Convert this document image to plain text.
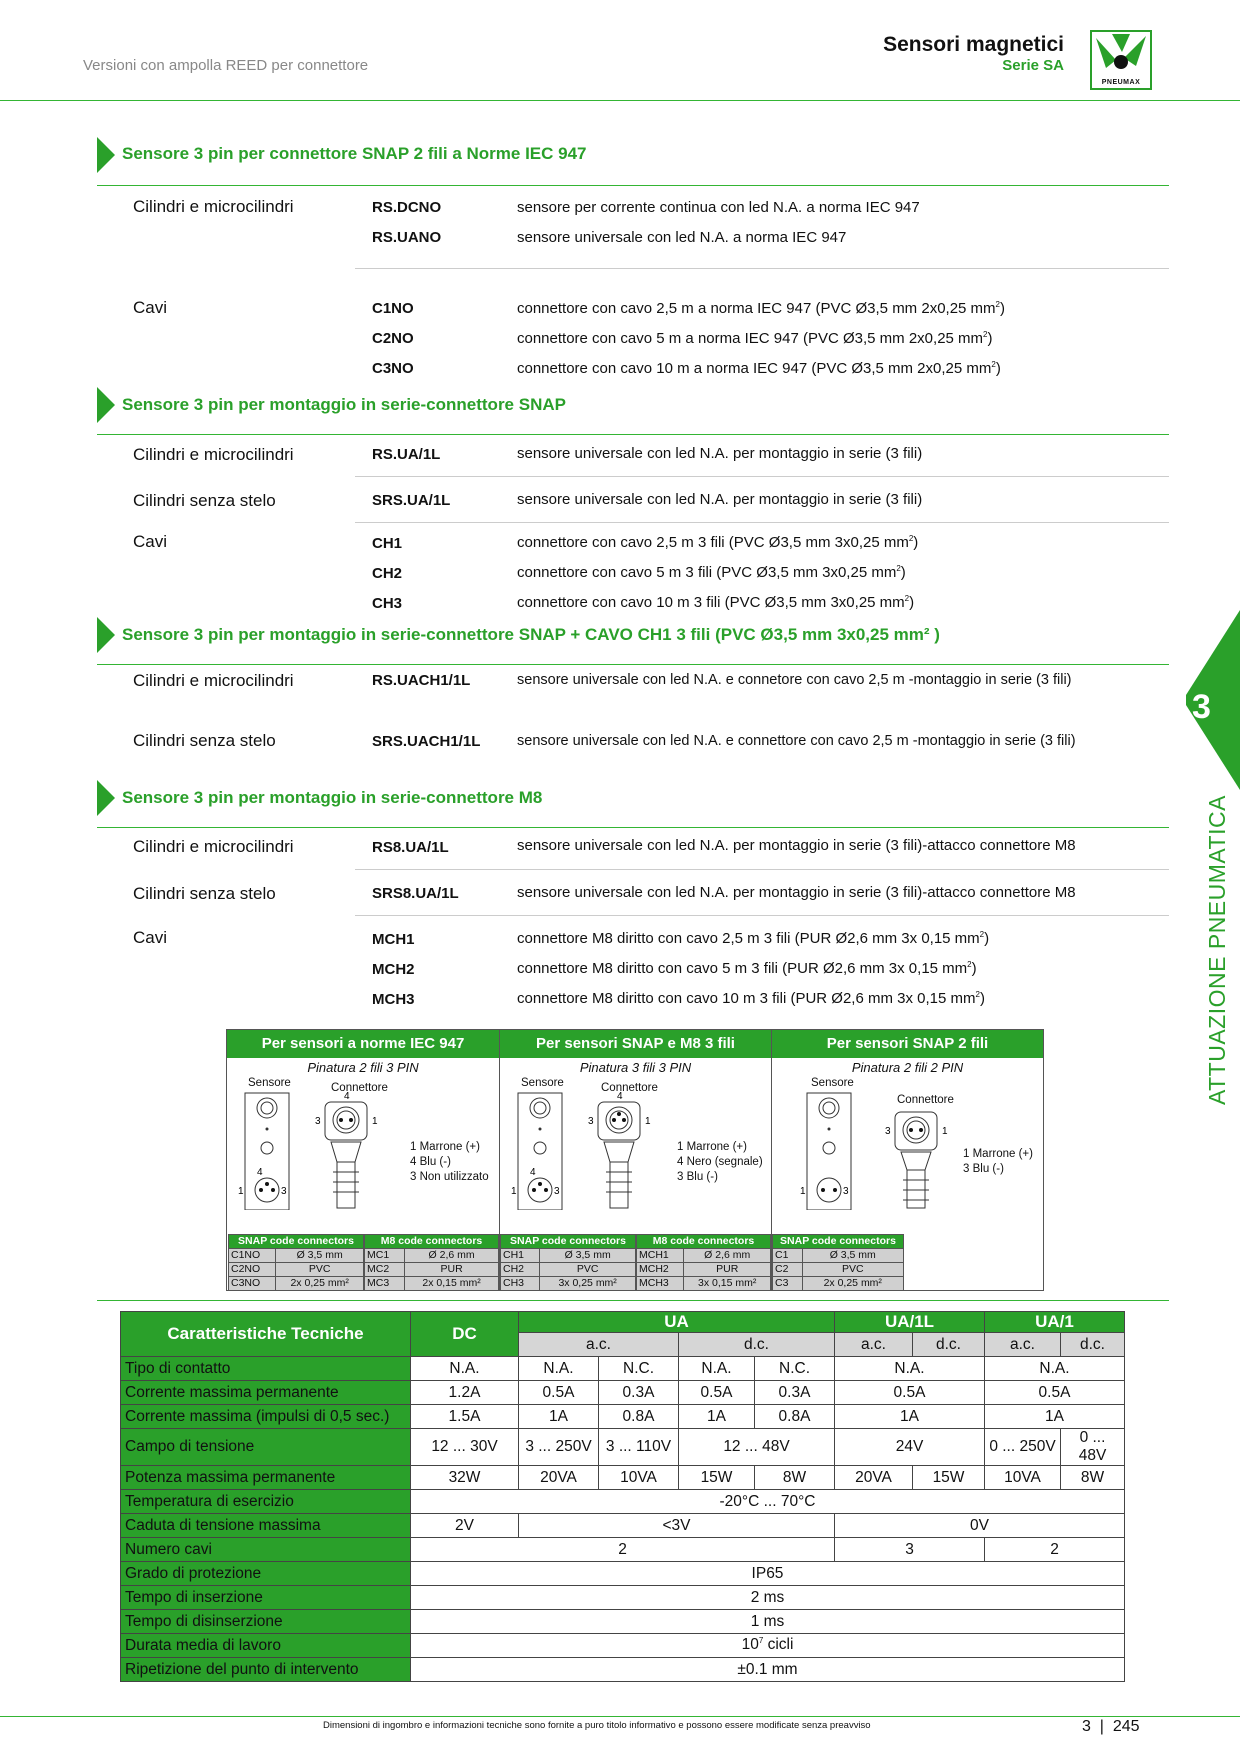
Versioni con ampolla REED per connettore
Sensori magnetici
Serie SA
PNEUMAX
3
ATTUAZIONE PNEUMATICA
Sensore 3 pin per connettore SNAP 2 fili a Norme IEC 947
Cilindri e microcilindri	RS.DCNO	sensore per corrente continua con led N.A. a norma IEC 947
RS.UANO	sensore universale con led N.A. a norma IEC 947
Cavi	C1NO	connettore con cavo 2,5 m a norma IEC 947 (PVC Ø3,5 mm 2x0,25 $mm^2$)
C2NO	connettore con cavo 5 m a norma IEC 947 (PVC Ø3,5 mm 2x0,25 $mm^2$)
C3NO	connettore con cavo 10 m a norma IEC 947 (PVC Ø3,5 mm 2x0,25 $mm^2$)
Sensore 3 pin per montaggio in serie-connettore SNAP
Cilindri e microcilindri	RS.UA/1L	sensore universale con led N.A. per montaggio in serie (3 fili)
Cilindri senza stelo	SRS.UA/1L	sensore universale con led N.A. per montaggio in serie (3 fili)
Cavi	CH1	connettore con cavo 2,5 m 3 fili (PVC Ø3,5 mm 3x0,25 $mm^2$)
CH2	connettore con cavo 5 m 3 fili (PVC Ø3,5 mm 3x0,25 $mm^2$)
CH3	connettore con cavo 10 m 3 fili (PVC Ø3,5 mm 3x0,25 $mm^2$)
Sensore 3 pin per montaggio in serie-connettore SNAP + CAVO CH1 3 fili (PVC Ø3,5 mm 3x0,25 mm² )
Cilindri e microcilindri	RS.UACH1/1L	sensore universale con led N.A. e connetore con cavo 2,5 m -montaggio in serie (3 fili)
Cilindri senza stelo	SRS.UACH1/1L	sensore universale con led N.A. e connettore con cavo 2,5 m -montaggio in serie (3 fili)
Sensore 3 pin per montaggio in serie-connettore M8
Cilindri e microcilindri	RS8.UA/1L	sensore universale con led N.A. per montaggio in serie (3 fili)-attacco connettore M8
Cilindri senza stelo	SRS8.UA/1L	sensore universale con led N.A. per montaggio in serie (3 fili)-attacco connettore M8
Cavi	MCH1	connettore M8 diritto con cavo 2,5 m 3 fili (PUR Ø2,6 mm 3x 0,15 $mm^2$)
MCH2	connettore M8 diritto con cavo 5 m 3 fili (PUR Ø2,6 mm 3x 0,15 $mm^2$)
MCH3	connettore M8 diritto con cavo 10 m 3 fili (PUR Ø2,6 mm 3x 0,15 $mm^2$)
Per sensori a norme IEC 947	Per sensori SNAP e M8 3 fili	Per sensori SNAP 2 fili
Pinatura 2 fili 3 PIN
Sensore	Connettore
4
1	3
4
3	1
1 Marrone (+)
4 Blu (-)
3 Non utilizzato
Pinatura 3 fili 3 PIN
Sensore	Connettore
4
1	3
4
3	1
1 Marrone (+)
4 Nero (segnale)
3 Blu (-)
Pinatura 2 fili 2 PIN
Sensore
Connettore
1	3
3	1
1 Marrone (+)
3 Blu (-)
SNAP code connectors	
C1NO	Ø 3,5 mm
C2NO	PVC
C3NO	2x 0,25 mm²
M8 code connectors	
MC1	Ø 2,6 mm
MC2	PUR
MC3	2x 0,15 mm²
SNAP code connectors	
CH1	Ø 3,5 mm
CH2	PVC
CH3	3x 0,25 mm²
M8 code connectors	
MCH1	Ø 2,6 mm
MCH2	PUR
MCH3	3x 0,15 mm²
SNAP code connectors	
C1	Ø 3,5 mm
C2	PVC
C3	2x 0,25 mm²
Caratteristiche Tecniche	DC	UA				UA/1L		UA/1	
		a.c.		d.c.		a.c.	d.c.	a.c.	d.c.
Tipo di contatto	N.A.	N.A.	N.C.	N.A.	N.C.	N.A.		N.A.	
Corrente massima permanente	1.2A	0.5A	0.3A	0.5A	0.3A	0.5A		0.5A	
Corrente massima (impulsi di 0,5 sec.)	1.5A	1A	0.8A	1A	0.8A	1A		1A	
Campo di tensione	12 ... 30V	3 ... 250V	3 ... 110V	12 ... 48V		24V		0 ... 250V	0 ... 48V
Potenza massima permanente	32W	20VA	10VA	15W	8W	20VA	15W	10VA	8W
Temperatura di esercizio	-20°C ... 70°C								
Caduta di tensione massima	2V	<3V				0V			
Numero cavi	2					3		2	
Grado di protezione	IP65								
Tempo di inserzione	2 ms								
Tempo di disinserzione	1 ms								
Durata media di lavoro	$10^7$ cicli								
Ripetizione del punto di intervento	±0.1 mm								
Dimensioni di ingombro e informazioni tecniche sono fornite a puro titolo informativo e possono essere modificate senza preavviso	3  |  245
